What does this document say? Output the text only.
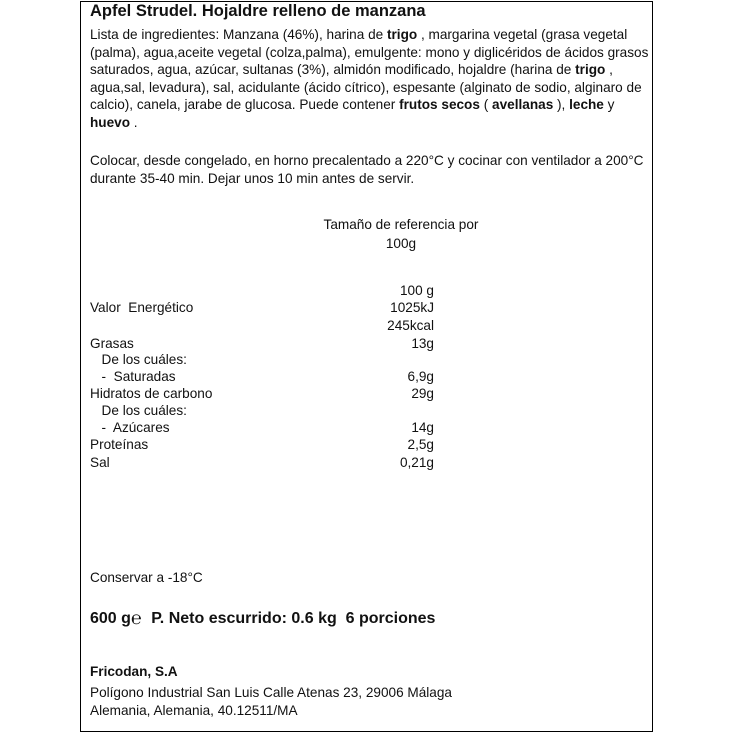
Apfel Strudel. Hojaldre relleno de manzana
Lista de ingredientes: Manzana (46%), harina de trigo , margarina vegetal (grasa vegetal (palma), agua,aceite vegetal (colza,palma), emulgente: mono y diglicéridos de ácidos grasos saturados, agua, azúcar, sultanas (3%), almidón modificado, hojaldre (harina de trigo , agua,sal, levadura), sal, acidulante (ácido cítrico), espesante (alginato de sodio, alginaro de calcio), canela, jarabe de glucosa. Puede contener frutos secos ( avellanas ), leche y huevo .
Colocar, desde congelado, en horno precalentado a 220°C y cocinar con ventilador a 200°C durante 35-40 min. Dejar unos 10 min antes de servir.
Tamaño de referencia por
100g
100 g
Valor  Energético	1025kJ
245kcal
Grasas	13g
De los cuáles:
-  Saturadas	6,9g
Hidratos de carbono	29g
De los cuáles:
-  Azúcares	14g
Proteínas	2,5g
Sal	0,21g
Conservar a -18°C
600 g℮ P. Neto escurrido: 0.6 kg 6 porciones
Fricodan, S.A
Polígono Industrial San Luis Calle Atenas 23, 29006 Málaga
Alemania, Alemania, 40.12511/MA
